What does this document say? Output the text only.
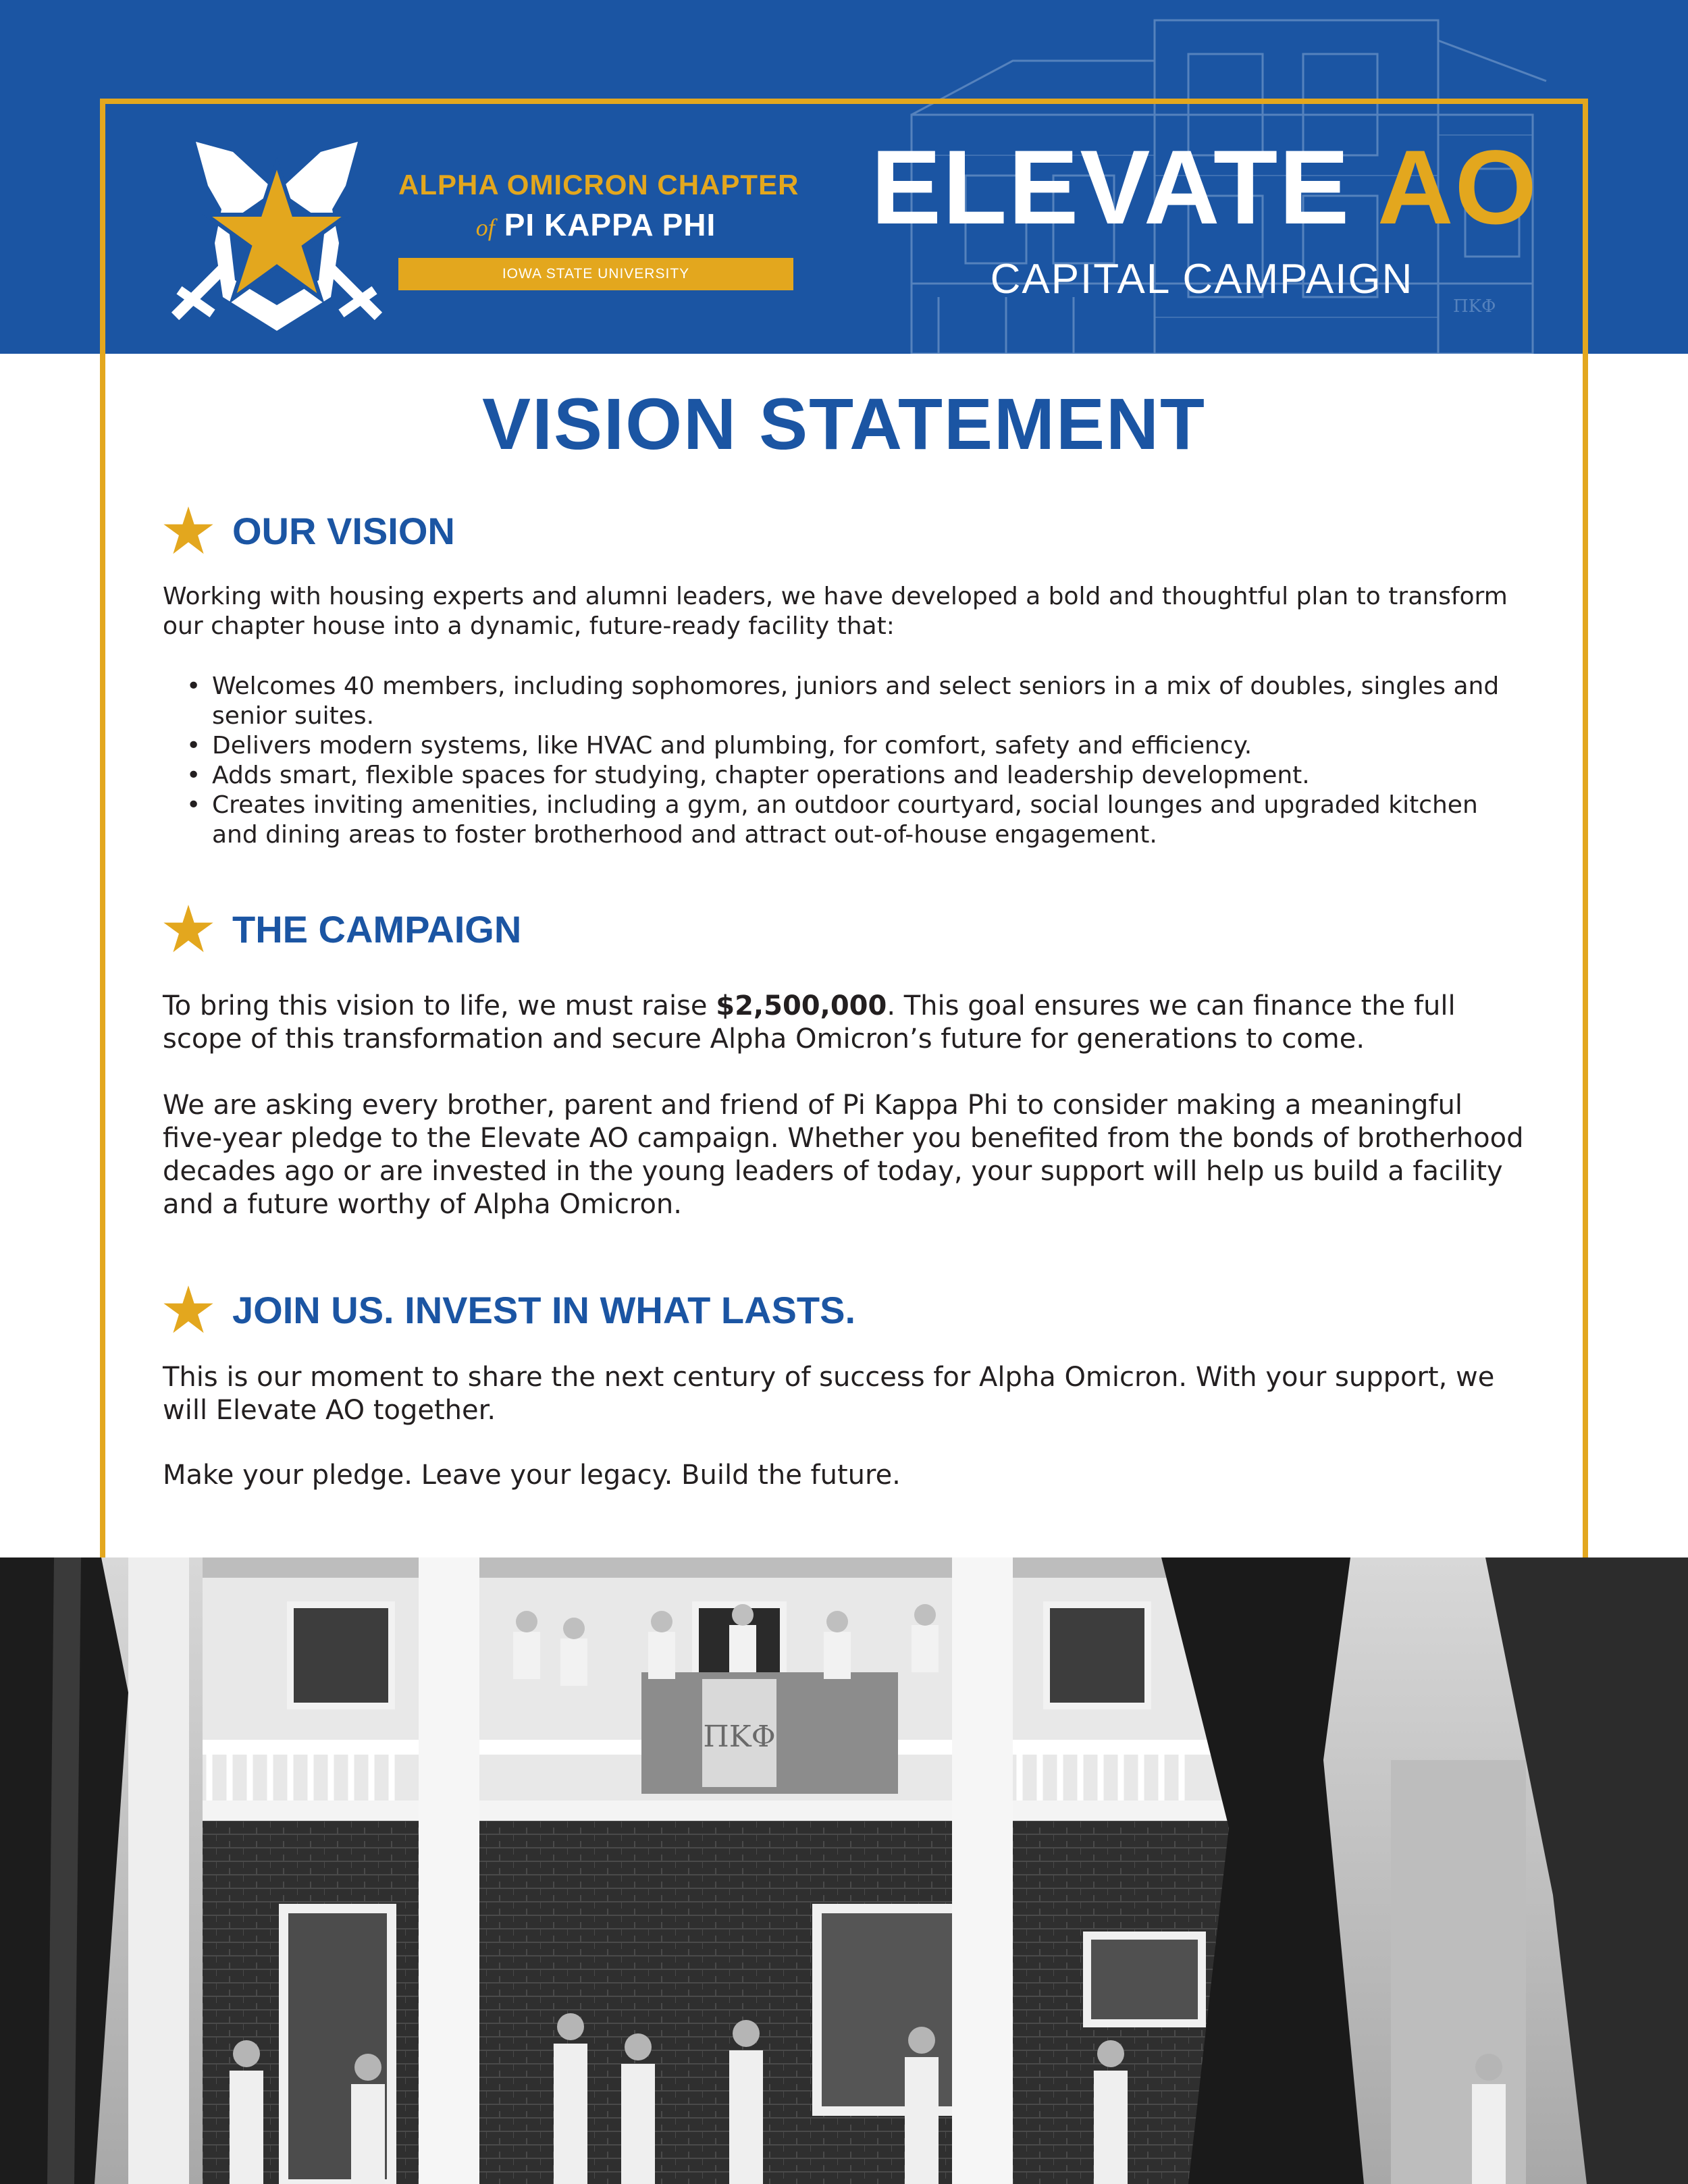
ΠΚΦ
ALPHA OMICRON CHAPTER
of PI KAPPA PHI
IOWA STATE UNIVERSITY
ELEVATE AO
CAPITAL CAMPAIGN
VISION STATEMENT
OUR VISION

Working with housing experts and alumni leaders, we have developed a bold and thoughtful plan to transform our chapter house into a dynamic, future-ready facility that:

• Welcomes 40 members, including sophomores, juniors and select seniors in a mix of doubles, singles and senior suites.
• Delivers modern systems, like HVAC and plumbing, for comfort, safety and efficiency.
• Adds smart, flexible spaces for studying, chapter operations and leadership development.
• Creates inviting amenities, including a gym, an outdoor courtyard, social lounges and upgraded kitchen and dining areas to foster brotherhood and attract out-of-house engagement.
THE CAMPAIGN

To bring this vision to life, we must raise $2,500,000. This goal ensures we can finance the full scope of this transformation and secure Alpha Omicron’s future for generations to come.

We are asking every brother, parent and friend of Pi Kappa Phi to consider making a meaningful five-year pledge to the Elevate AO campaign. Whether you benefited from the bonds of brotherhood decades ago or are invested in the young leaders of today, your support will help us build a facility and a future worthy of Alpha Omicron.

JOIN US. INVEST IN WHAT LASTS.

This is our moment to share the next century of success for Alpha Omicron. With your support, we will Elevate AO together.

Make your pledge. Leave your legacy. Build the future.

ΠΚΦ
